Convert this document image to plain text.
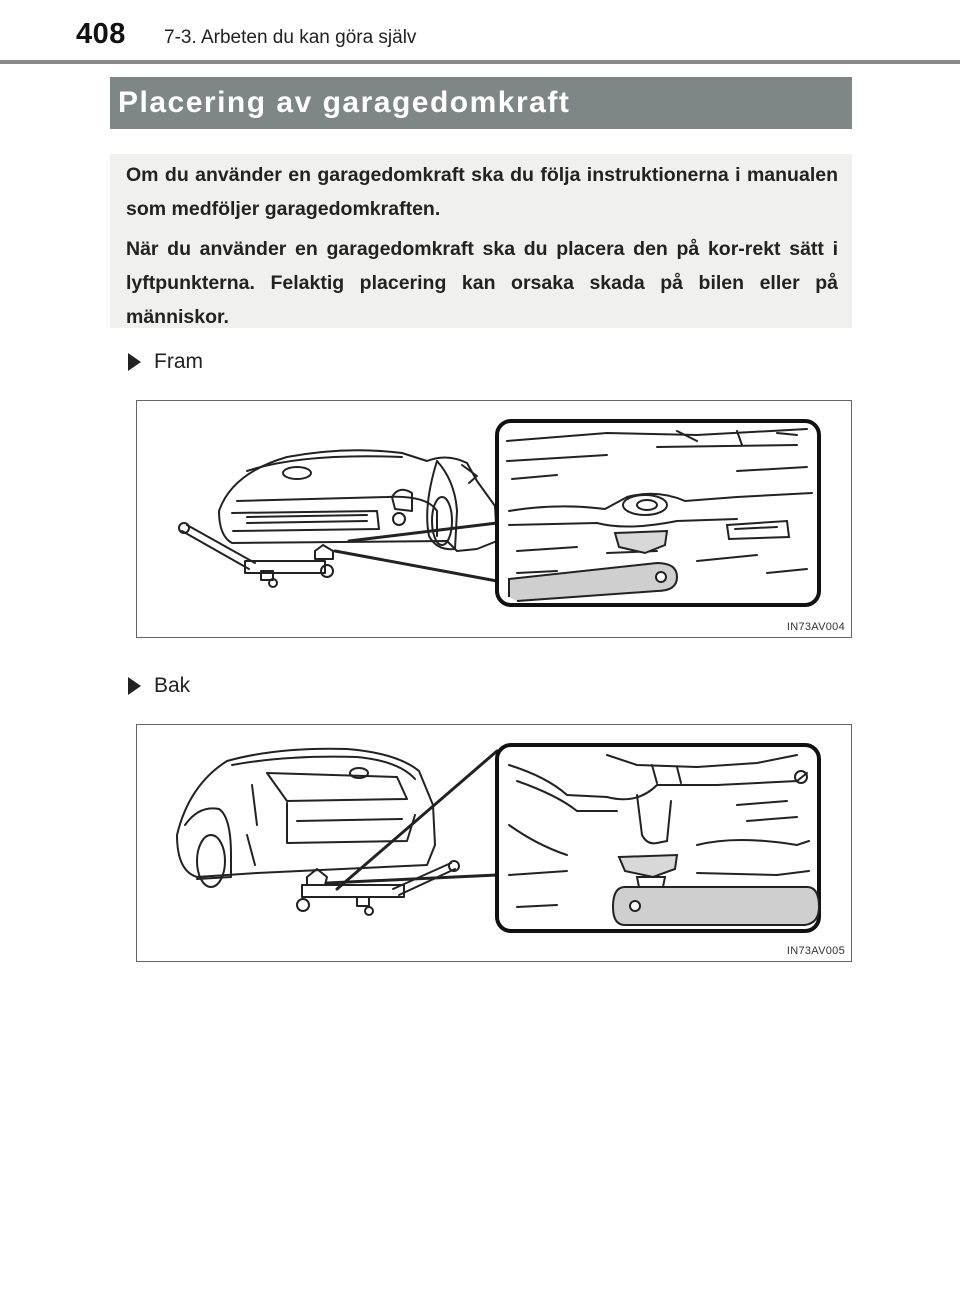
408 7-3. Arbeten du kan göra själv
Placering av garagedomkraft

Om du använder en garagedomkraft ska du följa instruktionerna i manualen som medföljer garagedomkraften.

När du använder en garagedomkraft ska du placera den på kor-rekt sätt i lyftpunkterna. Felaktig placering kan orsaka skada på bilen eller på människor.

Fram
IN73AV004
Bak
IN73AV005
